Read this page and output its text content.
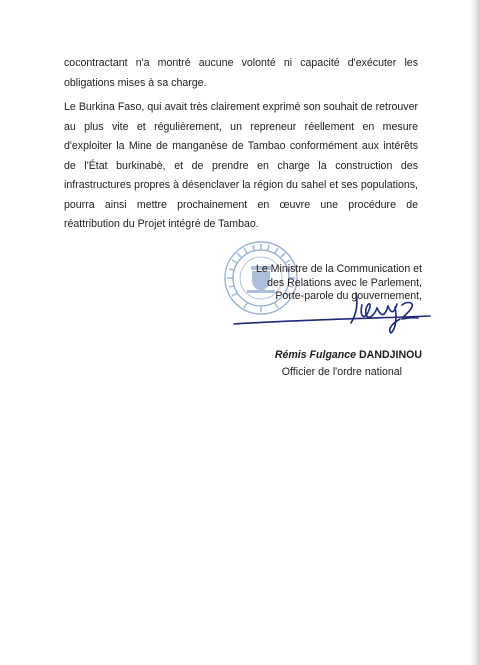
cocontractant n'a montré aucune volonté ni capacité d'exécuter les obligations mises à sa charge.

Le Burkina Faso, qui avait très clairement exprimé son souhait de retrouver au plus vite et régulièrement, un repreneur réellement en mesure d'exploiter la Mine de manganèse de Tambao conformément aux intérêts de l'État burkinabè, et de prendre en charge la construction des infrastructures propres à désenclaver la région du sahel et ses populations, pourra ainsi mettre prochainement en œuvre une procédure de réattribution du Projet intégré de Tambao.

Le Ministre de la Communication et
des Relations avec le Parlement,
Porte-parole du gouvernement,
Rémis Fulgance DANDJINOU
Officier de l'ordre national
